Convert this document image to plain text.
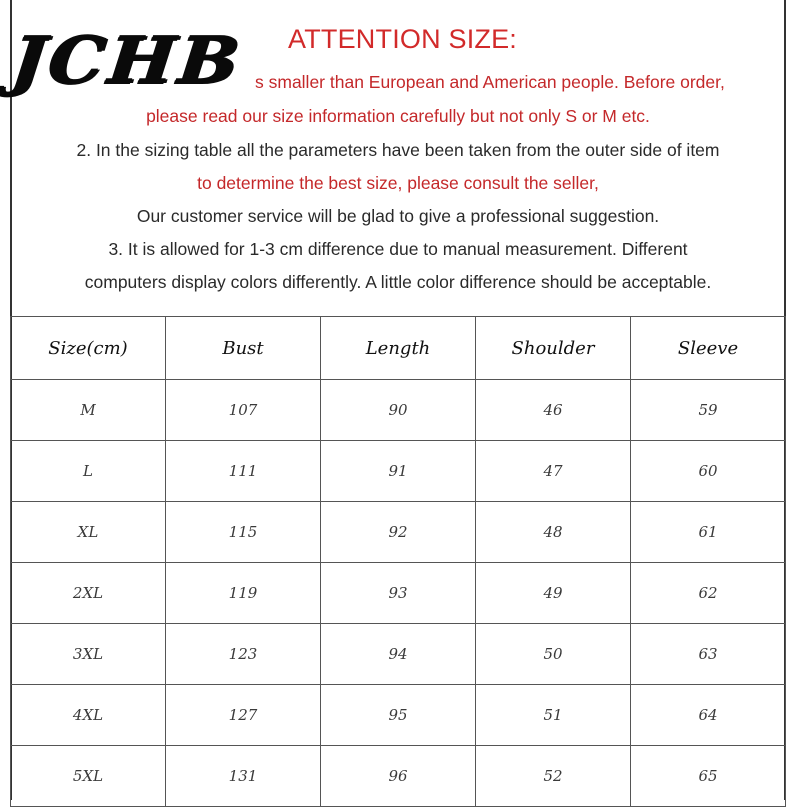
JCHB ATTENTION SIZE:
s smaller than European and American people. Before order,
please read our size information carefully but not only S or M etc.
2. In the sizing table all the parameters have been taken from the outer side of item
to determine the best size, please consult the seller,
Our customer service will be glad to give a professional suggestion.
3. It is allowed for 1-3 cm difference due to manual measurement. Different
computers display colors differently. A little color difference should be acceptable.
Size(cm)	Bust	Length	Shoulder	Sleeve
M	107	90	46	59
L	111	91	47	60
XL	115	92	48	61
2XL	119	93	49	62
3XL	123	94	50	63
4XL	127	95	51	64
5XL	131	96	52	65
